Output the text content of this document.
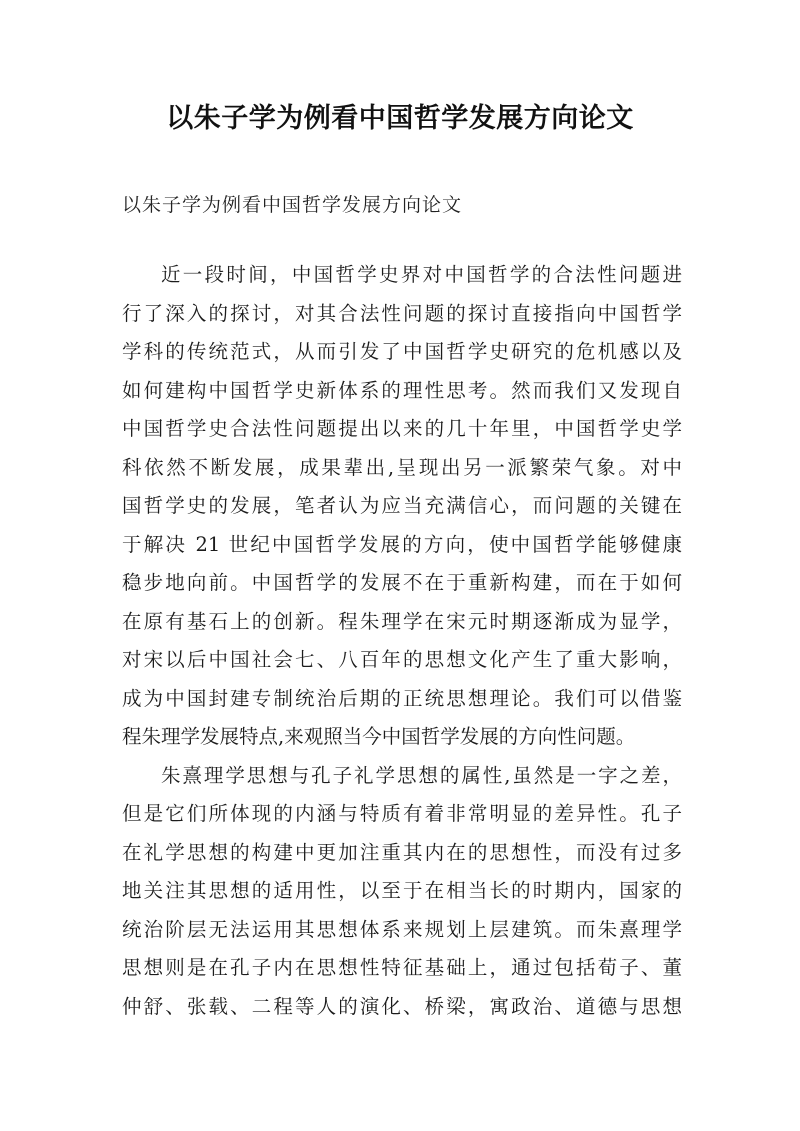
以朱子学为例看中国哲学发展方向论文
以朱子学为例看中国哲学发展方向论文
近一段时间，中国哲学史界对中国哲学的合法性问题进
行了深入的探讨，对其合法性问题的探讨直接指向中国哲学
学科的传统范式，从而引发了中国哲学史研究的危机感以及
如何建构中国哲学史新体系的理性思考。然而我们又发现自
中国哲学史合法性问题提出以来的几十年里，中国哲学史学
科依然不断发展，成果辈出,呈现出另一派繁荣气象。对中
国哲学史的发展，笔者认为应当充满信心，而问题的关键在
于解决 21 世纪中国哲学发展的方向，使中国哲学能够健康
稳步地向前。中国哲学的发展不在于重新构建，而在于如何
在原有基石上的创新。程朱理学在宋元时期逐渐成为显学，
对宋以后中国社会七、八百年的思想文化产生了重大影响，
成为中国封建专制统治后期的正统思想理论。我们可以借鉴
程朱理学发展特点,来观照当今中国哲学发展的方向性问题。
朱熹理学思想与孔子礼学思想的属性,虽然是一字之差，
但是它们所体现的内涵与特质有着非常明显的差异性。孔子
在礼学思想的构建中更加注重其内在的思想性，而没有过多
地关注其思想的适用性，以至于在相当长的时期内，国家的
统治阶层无法运用其思想体系来规划上层建筑。而朱熹理学
思想则是在孔子内在思想性特征基础上，通过包括荀子、董
仲舒、张载、二程等人的演化、桥梁，寓政治、道德与思想
